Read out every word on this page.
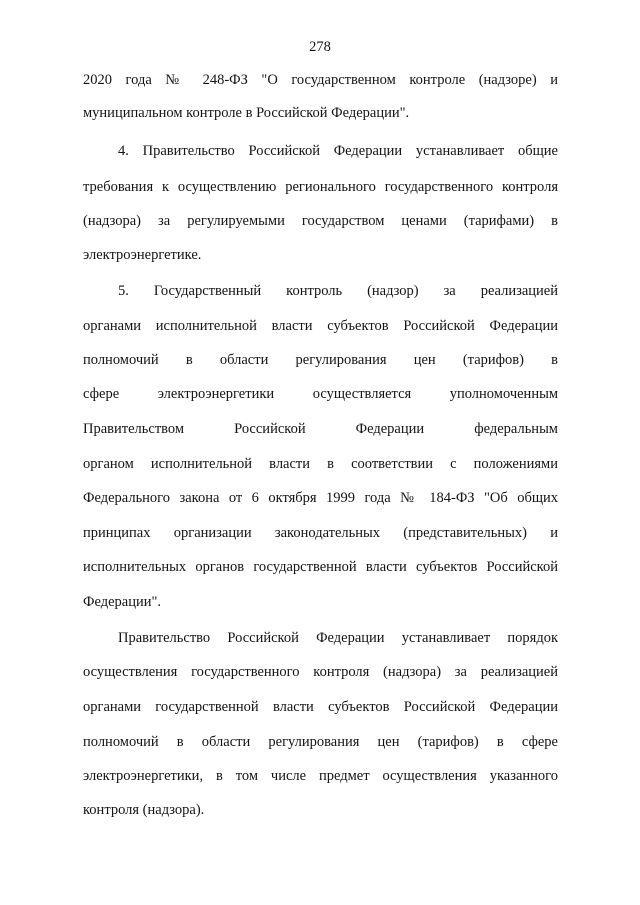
278
2020 года № 248-ФЗ "О государственном контроле (надзоре) и
муниципальном контроле в Российской Федерации".
4. Правительство Российской Федерации устанавливает общие
требования к осуществлению регионального государственного контроля
(надзора) за регулируемыми государством ценами (тарифами) в
электроэнергетике.
5. Государственный контроль (надзор) за реализацией
органами исполнительной власти субъектов Российской Федерации
полномочий в области регулирования цен (тарифов) в
сфере электроэнергетики осуществляется уполномоченным
Правительством Российской Федерации федеральным
органом исполнительной власти в соответствии с положениями
Федерального закона от 6 октября 1999 года № 184-ФЗ "Об общих
принципах организации законодательных (представительных) и
исполнительных органов государственной власти субъектов Российской
Федерации".
Правительство Российской Федерации устанавливает порядок
осуществления государственного контроля (надзора) за реализацией
органами государственной власти субъектов Российской Федерации
полномочий в области регулирования цен (тарифов) в сфере
электроэнергетики, в том числе предмет осуществления указанного
контроля (надзора).
